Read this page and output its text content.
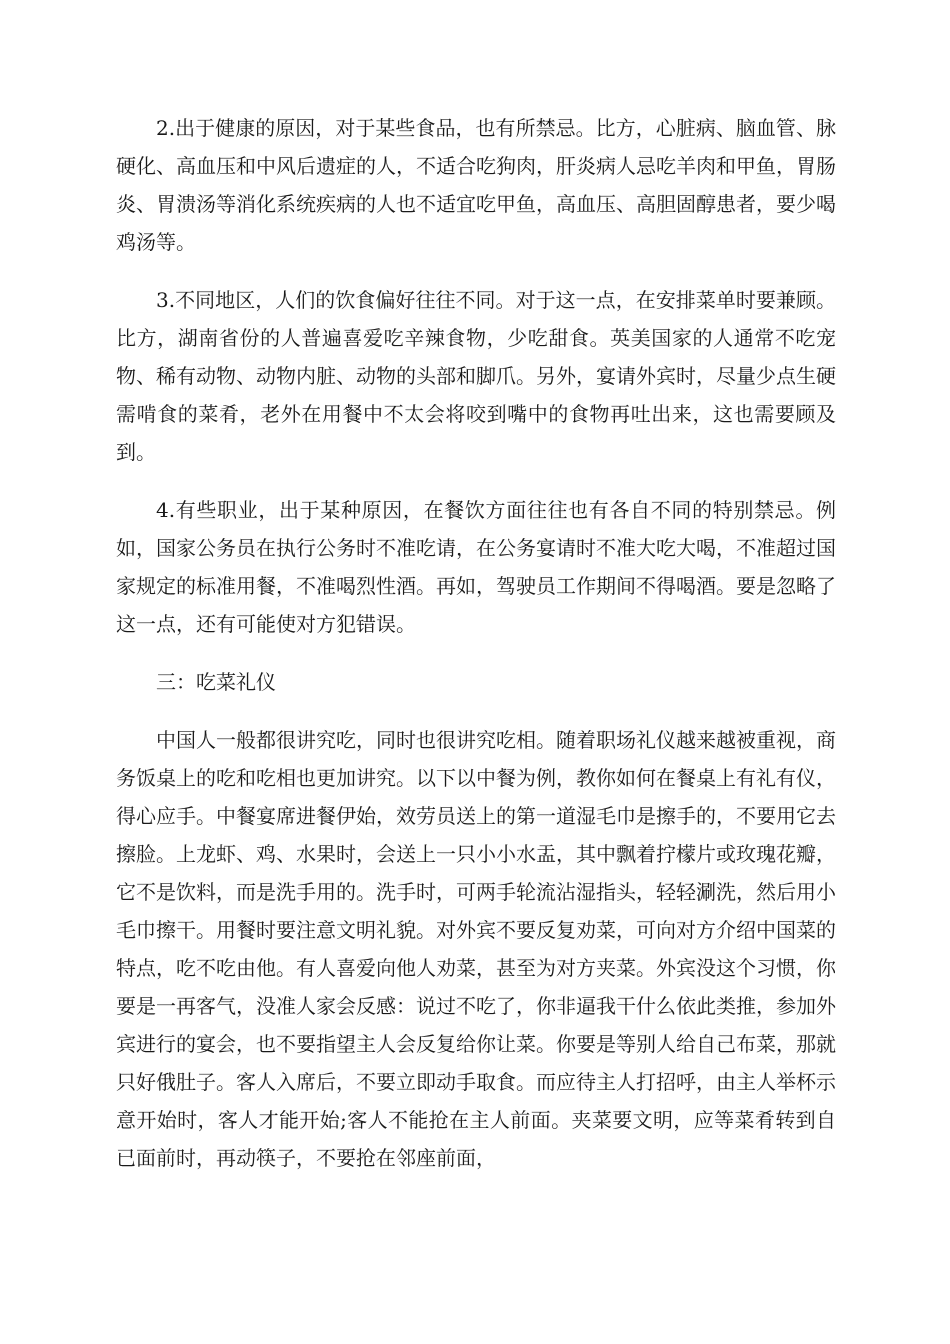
2.出于健康的原因，对于某些食品，也有所禁忌。比方，心脏病、脑血管、脉硬化、高血压和中风后遗症的人，不适合吃狗肉，肝炎病人忌吃羊肉和甲鱼，胃肠炎、胃溃汤等消化系统疾病的人也不适宜吃甲鱼，高血压、高胆固醇患者，要少喝鸡汤等。

3.不同地区，人们的饮食偏好往往不同。对于这一点，在安排菜单时要兼顾。比方，湖南省份的人普遍喜爱吃辛辣食物，少吃甜食。英美国家的人通常不吃宠物、稀有动物、动物内脏、动物的头部和脚爪。另外，宴请外宾时，尽量少点生硬需啃食的菜肴，老外在用餐中不太会将咬到嘴中的食物再吐出来，这也需要顾及到。

4.有些职业，出于某种原因，在餐饮方面往往也有各自不同的特别禁忌。例如，国家公务员在执行公务时不准吃请，在公务宴请时不准大吃大喝，不准超过国家规定的标准用餐，不准喝烈性酒。再如，驾驶员工作期间不得喝酒。要是忽略了这一点，还有可能使对方犯错误。

三：吃菜礼仪

中国人一般都很讲究吃，同时也很讲究吃相。随着职场礼仪越来越被重视，商务饭桌上的吃和吃相也更加讲究。以下以中餐为例，教你如何在餐桌上有礼有仪，得心应手。中餐宴席进餐伊始，效劳员送上的第一道湿毛巾是擦手的，不要用它去擦脸。上龙虾、鸡、水果时，会送上一只小小水盂，其中飘着拧檬片或玫瑰花瓣，它不是饮料，而是洗手用的。洗手时，可两手轮流沾湿指头，轻轻涮洗，然后用小毛巾擦干。用餐时要注意文明礼貌。对外宾不要反复劝菜，可向对方介绍中国菜的特点，吃不吃由他。有人喜爱向他人劝菜，甚至为对方夹菜。外宾没这个习惯，你要是一再客气，没准人家会反感：说过不吃了，你非逼我干什么依此类推，参加外宾进行的宴会，也不要指望主人会反复给你让菜。你要是等别人给自己布菜，那就只好俄肚子。客人入席后，不要立即动手取食。而应待主人打招呼，由主人举杯示意开始时，客人才能开始;客人不能抢在主人前面。夹菜要文明，应等菜肴转到自已面前时，再动筷子，不要抢在邻座前面，
